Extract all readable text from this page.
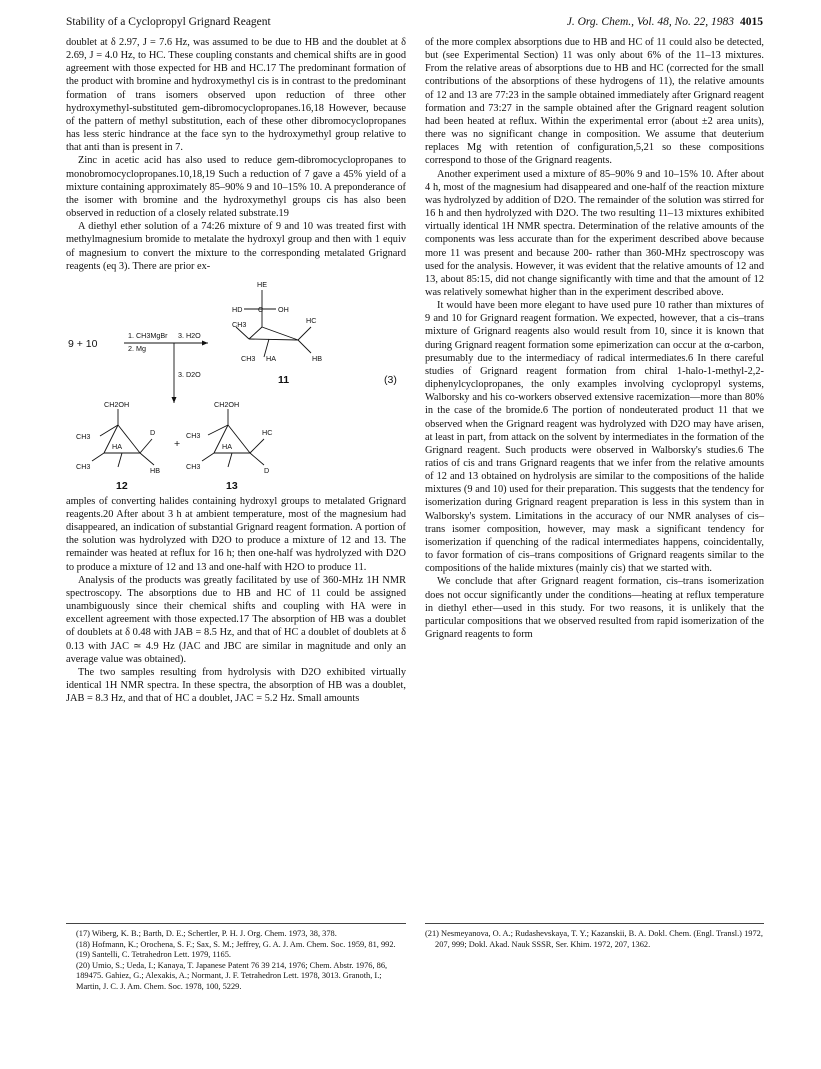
Stability of a Cyclopropyl Grignard Reagent	J. Org. Chem., Vol. 48, No. 22, 1983 4015

doublet at δ 2.97, J = 7.6 Hz, was assumed to be due to HB and the doublet at δ 2.69, J = 4.0 Hz, to HC. These coupling constants and chemical shifts are in good agreement with those expected for HB and HC.17 The predominant formation of the product with bromine and hydroxymethyl cis is in contrast to the predominant formation of trans isomers observed upon reduction of three other hydroxymethyl-substituted gem-dibromocyclopropanes.16,18 However, because of the pattern of methyl substitution, each of these other dibromocyclopropanes has less steric hindrance at the face syn to the hydroxymethyl group relative to that anti than is present in 7.

Zinc in acetic acid has also used to reduce gem-dibromocyclopropanes to monobromocyclopropanes.10,18,19 Such a reduction of 7 gave a 45% yield of a mixture containing approximately 85–90% 9 and 10–15% 10. A preponderance of the isomer with bromine and the hydroxymethyl groups cis has also been observed in reduction of a closely related substrate.19

A diethyl ether solution of a 74:26 mixture of 9 and 10 was treated first with methylmagnesium bromide to metalate the hydroxyl group and then with 1 equiv of magnesium to convert the mixture to the corresponding metalated Grignard reagents (eq 3). There are prior ex-

HE
HD C OH
CH3	HC
HB
CH3 HA
1. CH3MgBr
2. Mg
3. H2O
3. D2O
CH2OH
CH3	D
CH3
HA
HB
CH2OH
CH3	HC
CH3
HA
D
9 + 10
11	(3)
+
12	13

amples of converting halides containing hydroxyl groups to metalated Grignard reagents.20 After about 3 h at ambient temperature, most of the magnesium had disappeared, an indication of substantial Grignard reagent formation. A portion of the solution was hydrolyzed with D2O to produce a mixture of 12 and 13. The remainder was heated at reflux for 16 h; then one-half was hydrolyzed with D2O to produce a mixture of 12 and 13 and one-half with H2O to produce 11.

Analysis of the products was greatly facilitated by use of 360-MHz 1H NMR spectroscopy. The absorptions due to HB and HC of 11 could be assigned unambiguously since their chemical shifts and coupling with HA were in excellent agreement with those expected.17 The absorption of HB was a doublet of doublets at δ 0.48 with JAB = 8.5 Hz, and that of HC a doublet of doublets at δ 0.13 with JAC ≃ 4.9 Hz (JAC and JBC are similar in magnitude and only an average value was obtained).

The two samples resulting from hydrolysis with D2O exhibited virtually identical 1H NMR spectra. In these spectra, the absorption of HB was a doublet, JAB = 8.3 Hz, and that of HC a doublet, JAC = 5.2 Hz. Small amounts

of the more complex absorptions due to HB and HC of 11 could also be detected, but (see Experimental Section) 11 was only about 6% of the 11–13 mixtures. From the relative areas of absorptions due to HB and HC (corrected for the small contributions of the absorptions of these hydrogens of 11), the relative amounts of 12 and 13 are 77:23 in the sample obtained immediately after Grignard reagent formation and 73:27 in the sample obtained after the Grignard reagent solution had been heated at reflux. Within the experimental error (about ±2 area units), there was no significant change in composition. We assume that deuterium replaces Mg with retention of configuration,5,21 so these compositions correspond to those of the Grignard reagents.

Another experiment used a mixture of 85–90% 9 and 10–15% 10. After about 4 h, most of the magnesium had disappeared and one-half of the reaction mixture was hydrolyzed by addition of D2O. The remainder of the solution was stirred for 16 h and then hydrolyzed with D2O. The two resulting 11–13 mixtures exhibited virtually identical 1H NMR spectra. Determination of the relative amounts of the components was less accurate than for the experiment described above because more 11 was present and because 200- rather than 360-MHz spectroscopy was used for the analysis. However, it was evident that the relative amounts of 12 and 13, about 85:15, did not change significantly with time and that the amount of 12 was relatively somewhat higher than in the experiment described above.

It would have been more elegant to have used pure 10 rather than mixtures of 9 and 10 for Grignard reagent formation. We expected, however, that a cis–trans mixture of Grignard reagents also would result from 10, since it is known that during Grignard reagent formation some epimerization can occur at the α-carbon, presumably due to the intermediacy of radical intermediates.6 In there careful studies of Grignard reagent formation from chiral 1-halo-1-methyl-2,2-diphenylcyclopropanes, the only examples involving cyclopropyl systems, Walborsky and his co-workers observed extensive racemization—more than 80% in the case of the bromide.6 The portion of nondeuterated product 11 that we observed when the Grignard reagent was hydrolyzed with D2O may have arisen, at least in part, from attack on the solvent by intermediates in the formation of the Grignard reagent. Such products were observed in Walborsky's studies.6 The ratios of cis and trans Grignard reagents that we infer from the relative amounts of 12 and 13 obtained on hydrolysis are similar to the compositions of the halide mixtures (9 and 10) used for their preparation. This suggests that the tendency for isomerization during Grignard reagent preparation is less in this system than in Walborsky's system. Limitations in the accuracy of our NMR analyses of cis–trans isomer composition, however, may mask a significant tendency for isomerization if quenching of the radical intermediates happens, coincidentally, to favor formation of cis–trans compositions of Grignard reagents similar to the compositions of the halide mixtures (mainly cis) that we started with.

We conclude that after Grignard reagent formation, cis–trans isomerization does not occur significantly under the conditions—heating at reflux temperature in diethyl ether—used in this study. For two reasons, it is unlikely that the particular compositions that we observed resulted from rapid isomerization of the Grignard reagents to form

(17) Wiberg, K. B.; Barth, D. E.; Schertler, P. H. J. Org. Chem. 1973, 38, 378.
(18) Hofmann, K.; Orochena, S. F.; Sax, S. M.; Jeffrey, G. A. J. Am. Chem. Soc. 1959, 81, 992.
(19) Santelli, C. Tetrahedron Lett. 1979, 1165.
(20) Umio, S.; Ueda, I.; Kanaya, T. Japanese Patent 76 39 214, 1976; Chem. Abstr. 1976, 86, 189475. Gahiez, G.; Alexakis, A.; Normant, J. F. Tetrahedron Lett. 1978, 3013. Granoth, I.; Martin, J. C. J. Am. Chem. Soc. 1978, 100, 5229.
(21) Nesmeyanova, O. A.; Rudashevskaya, T. Y.; Kazanskii, B. A. Dokl. Chem. (Engl. Transl.) 1972, 207, 999; Dokl. Akad. Nauk SSSR, Ser. Khim. 1972, 207, 1362.
